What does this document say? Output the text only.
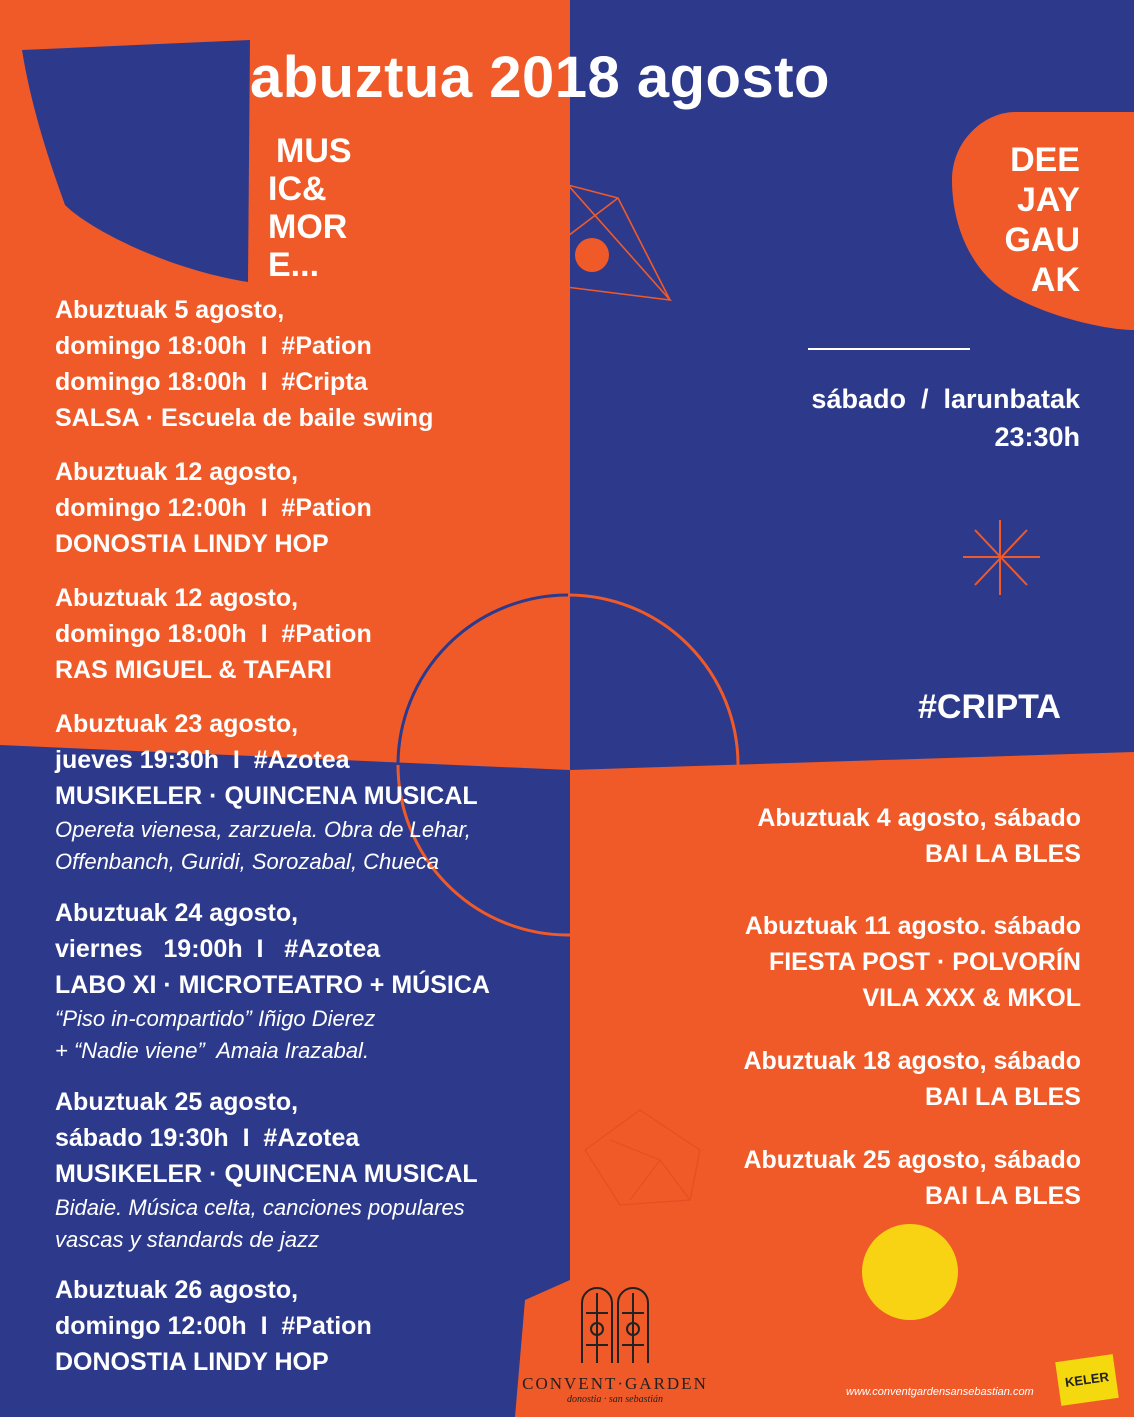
abuztua 2018 agosto
MUS
IC&
MOR
E...
DEE
JAY
GAU
AK
sábado  /  larunbatak
23:30h
#CRIPTA
Abuztuak 5 agosto,
domingo 18:00h  I  #Pation
domingo 18:00h  I  #Cripta
SALSA · Escuela de baile swing
Abuztuak 12 agosto,
domingo 12:00h  I  #Pation
DONOSTIA LINDY HOP
Abuztuak 12 agosto,
domingo 18:00h  I  #Pation
RAS MIGUEL & TAFARI
Abuztuak 23 agosto,
jueves 19:30h  I  #Azotea
MUSIKELER · QUINCENA MUSICAL
Opereta vienesa, zarzuela. Obra de Lehar,
Offenbanch, Guridi, Sorozabal, Chueca
Abuztuak 24 agosto,
viernes   19:00h  I   #Azotea
LABO XI · MICROTEATRO + MÚSICA
“Piso in-compartido” Iñigo Dierez
+ “Nadie viene”  Amaia Irazabal.
Abuztuak 25 agosto,
sábado 19:30h  I  #Azotea
MUSIKELER · QUINCENA MUSICAL
Bidaie. Música celta, canciones populares
vascas y standards de jazz
Abuztuak 26 agosto,
domingo 12:00h  I  #Pation
DONOSTIA LINDY HOP
Abuztuak 4 agosto, sábado
BAI LA BLES
Abuztuak 11 agosto. sábado
FIESTA POST · POLVORÍN
VILA XXX & MKOL
Abuztuak 18 agosto, sábado
BAI LA BLES
Abuztuak 25 agosto, sábado
BAI LA BLES
CONVENT·GARDEN
donostia · san sebastián
www.conventgardensansebastian.com
KELER
